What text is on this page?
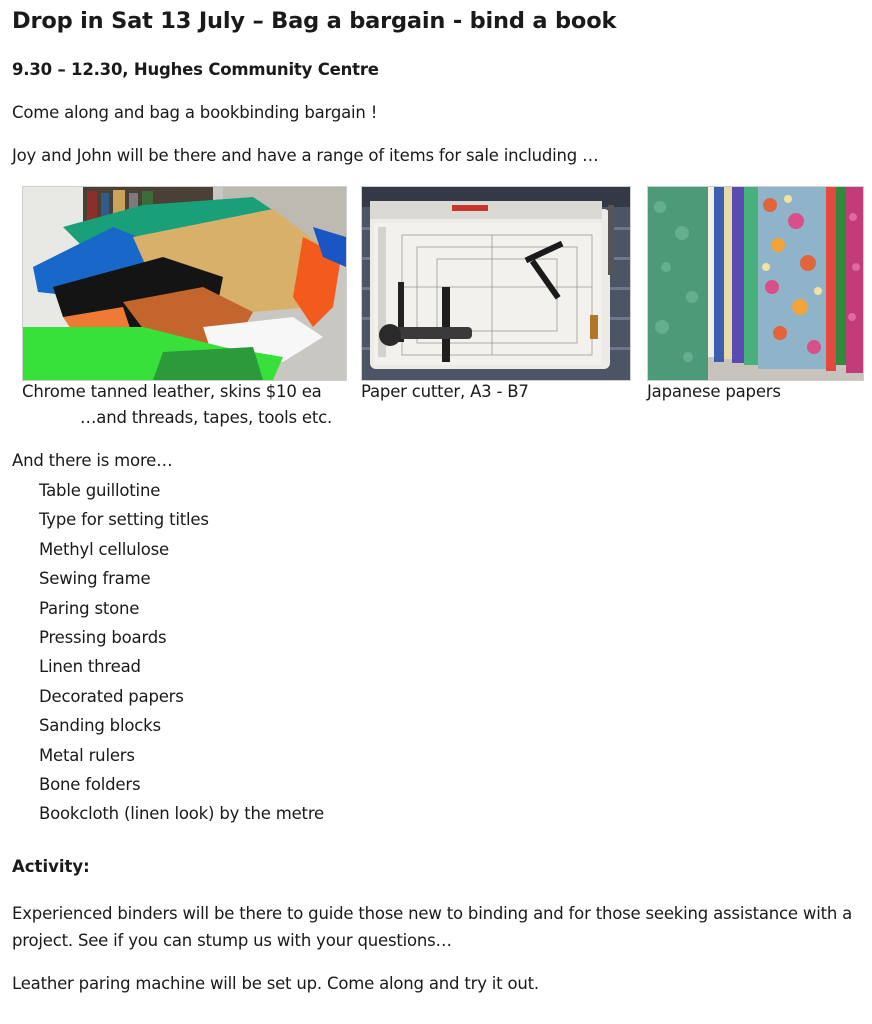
Drop in Sat 13 July – Bag a bargain - bind a book

9.30 – 12.30, Hughes Community Centre

Come along and bag a bookbinding bargain !

Joy and John will be there and have a range of items for sale including …

Chrome tanned leather, skins $10 ea Paper cutter, A3 - B7	Japanese papers

…and threads, tapes, tools etc.

And there is more…

Table guillotine
Type for setting titles
Methyl cellulose
Sewing frame
Paring stone
Pressing boards
Linen thread
Decorated papers
Sanding blocks
Metal rulers
Bone folders
Bookcloth (linen look) by the metre

Activity:

Experienced binders will be there to guide those new to binding and for those seeking assistance with a project. See if you can stump us with your questions…

Leather paring machine will be set up. Come along and try it out.
